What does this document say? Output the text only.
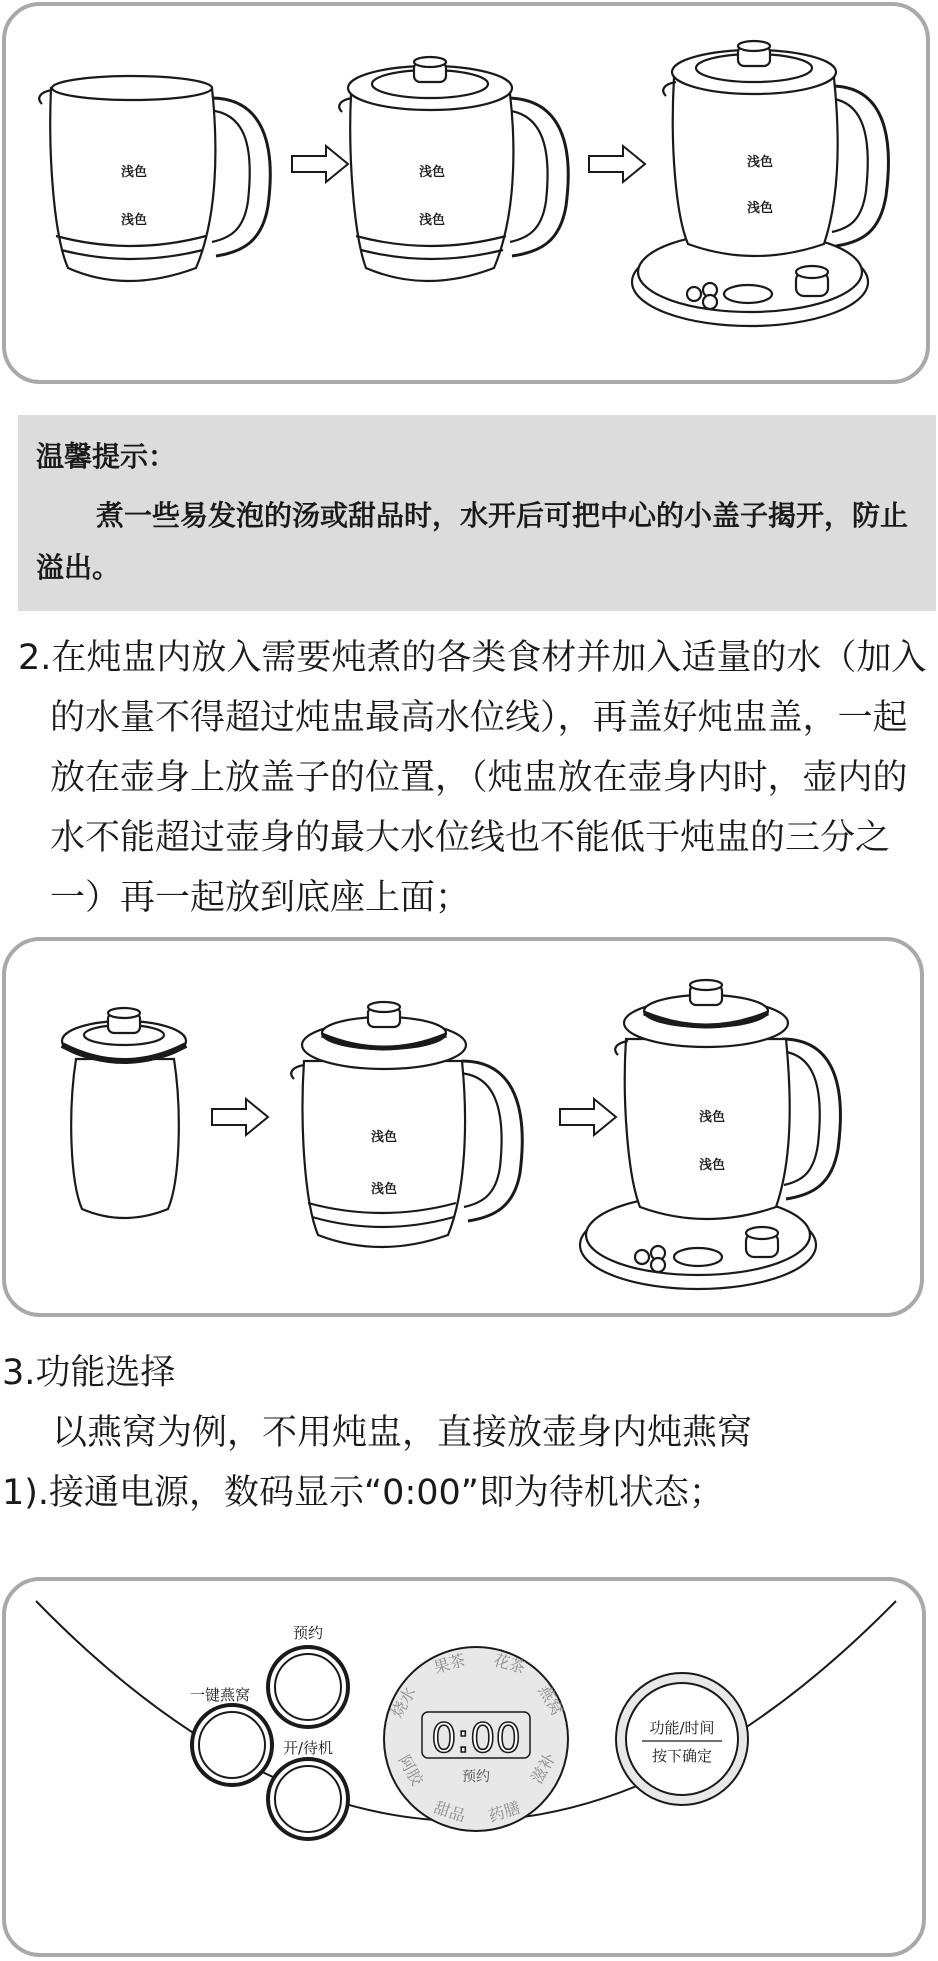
浅色
浅色
浅色
浅色
浅色
浅色
温馨提示：
煮一些易发泡的汤或甜品时，水开后可把中心的小盖子揭开，防止溢出。
2.在炖盅内放入需要炖煮的各类食材并加入适量的水（加入的水量不得超过炖盅最高水位线），再盖好炖盅盖，一起放在壶身上放盖子的位置，（炖盅放在壶身内时，壶内的水不能超过壶身的最大水位线也不能低于炖盅的三分之一）再一起放到底座上面；
浅色
浅色
浅色
浅色
3.功能选择
以燕窝为例，不用炖盅，直接放壶身内炖燕窝
1).接通电源，数码显示“0:00”即为待机状态；
预约
一键燕窝
开/待机 0:00
预约
果茶 花茶
燕窝
滋补
药膳
甜品
阿胶
烧水
功能/时间
按下确定
